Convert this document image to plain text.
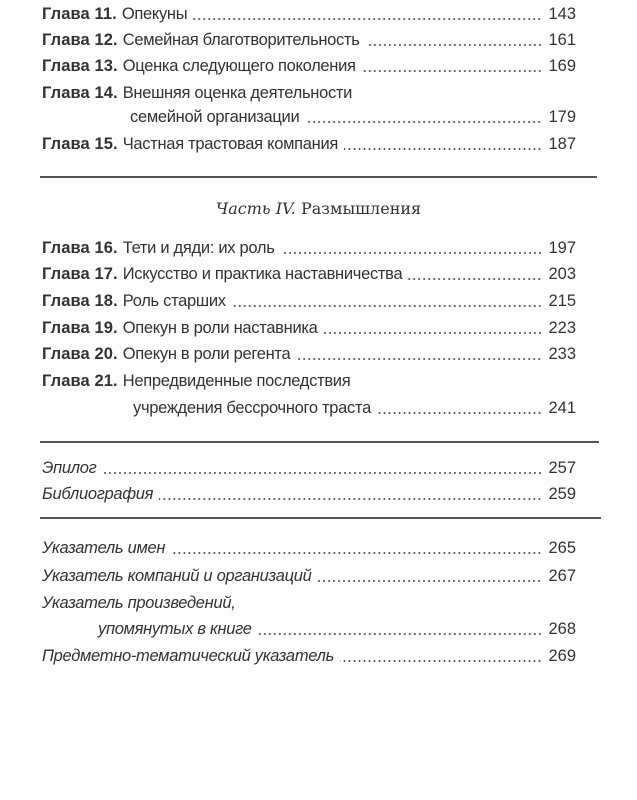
Глава 11. Опекуны	143
Глава 12. Семейная благотворительность	161
Глава 13. Оценка следующего поколения	169
Глава 14. Внешняя оценка деятельности
семейной организации	179
Глава 15. Частная трастовая компания	187
Часть IV. Размышления
Глава 16. Тети и дяди: их роль	197
Глава 17. Искусство и практика наставничества	203
Глава 18. Роль старших	215
Глава 19. Опекун в роли наставника	223
Глава 20. Опекун в роли регента	233
Глава 21. Непредвиденные последствия
учреждения бессрочного траста	241
Эпилог	257
Библиография	259
Указатель имен	265
Указатель компаний и организаций	267
Указатель произведений,
упомянутых в книге	268
Предметно-тематический указатель	269
